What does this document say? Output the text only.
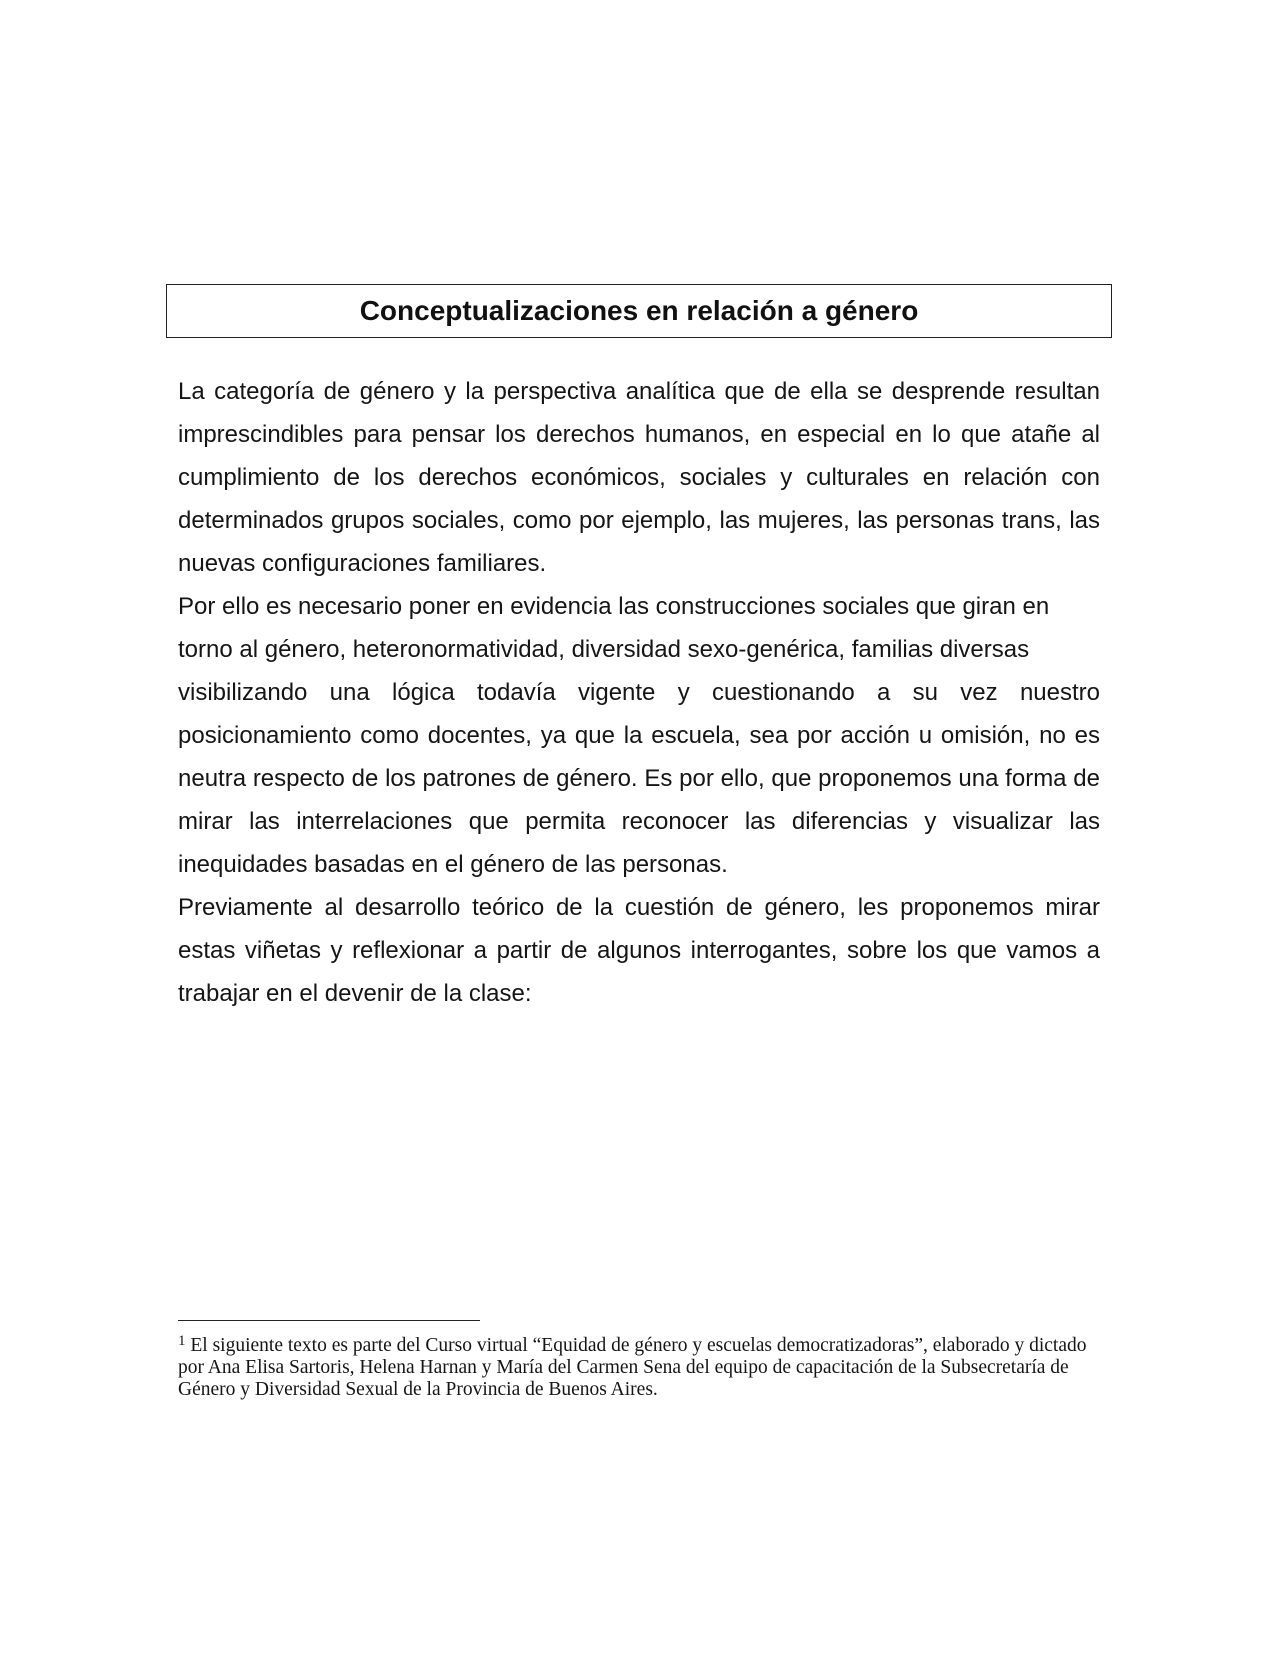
Conceptualizaciones en relación a género

La categoría de género y la perspectiva analítica que de ella se desprende resultan imprescindibles para pensar los derechos humanos, en especial en lo que atañe al cumplimiento de los derechos económicos, sociales y culturales en relación con determinados grupos sociales, como por ejemplo, las mujeres, las personas trans, las nuevas configuraciones familiares.

Por ello es necesario poner en evidencia las construcciones sociales que giran en torno al género, heteronormatividad, diversidad sexo-genérica, familias diversas

visibilizando una lógica todavía vigente y cuestionando a su vez nuestro posicionamiento como docentes, ya que la escuela, sea por acción u omisión, no es neutra respecto de los patrones de género. Es por ello, que proponemos una forma de mirar las interrelaciones que permita reconocer las diferencias y visualizar las inequidades basadas en el género de las personas.

Previamente al desarrollo teórico de la cuestión de género, les proponemos mirar estas viñetas y reflexionar a partir de algunos interrogantes, sobre los que vamos a trabajar en el devenir de la clase:

$^1$ El siguiente texto es parte del Curso virtual “Equidad de género y escuelas democratizadoras”, elaborado y dictado por Ana Elisa Sartoris, Helena Harnan y María del Carmen Sena del equipo de capacitación de la Subsecretaría de Género y Diversidad Sexual de la Provincia de Buenos Aires.
